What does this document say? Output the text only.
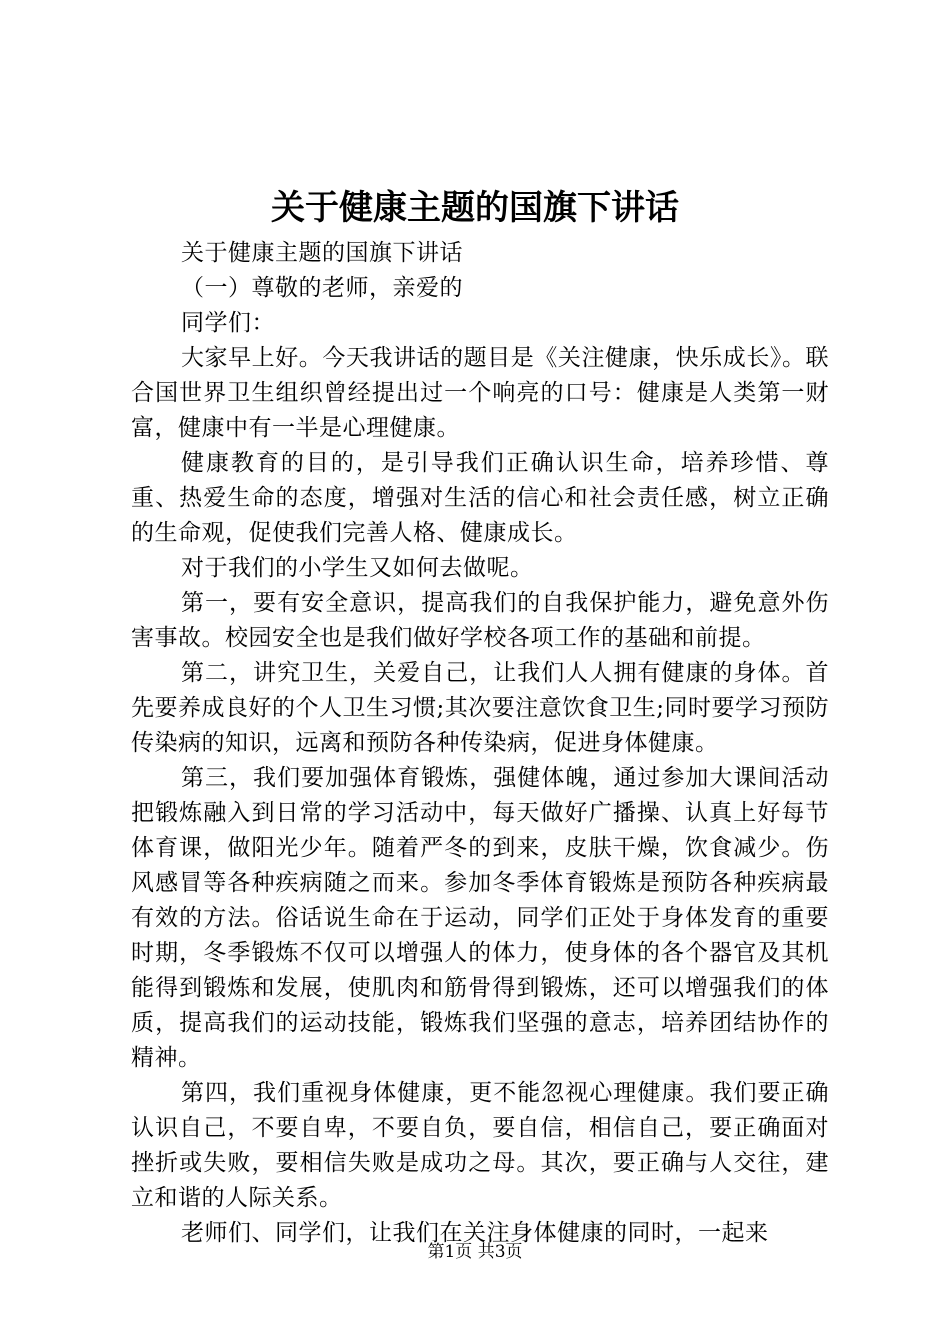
关于健康主题的国旗下讲话

关于健康主题的国旗下讲话

（一）尊敬的老师，亲爱的

同学们：

大家早上好。今天我讲话的题目是《关注健康，快乐成长》。联合国世界卫生组织曾经提出过一个响亮的口号：健康是人类第一财富，健康中有一半是心理健康。

健康教育的目的，是引导我们正确认识生命，培养珍惜、尊重、热爱生命的态度，增强对生活的信心和社会责任感，树立正确的生命观，促使我们完善人格、健康成长。

对于我们的小学生又如何去做呢。

第一，要有安全意识，提高我们的自我保护能力，避免意外伤害事故。校园安全也是我们做好学校各项工作的基础和前提。

第二，讲究卫生，关爱自己，让我们人人拥有健康的身体。首先要养成良好的个人卫生习惯;其次要注意饮食卫生;同时要学习预防传染病的知识，远离和预防各种传染病，促进身体健康。

第三，我们要加强体育锻炼，强健体魄，通过参加大课间活动把锻炼融入到日常的学习活动中，每天做好广播操、认真上好每节体育课，做阳光少年。随着严冬的到来，皮肤干燥，饮食减少。伤风感冒等各种疾病随之而来。参加冬季体育锻炼是预防各种疾病最有效的方法。俗话说生命在于运动，同学们正处于身体发育的重要时期，冬季锻炼不仅可以增强人的体力，使身体的各个器官及其机能得到锻炼和发展，使肌肉和筋骨得到锻炼，还可以增强我们的体质，提高我们的运动技能，锻炼我们坚强的意志，培养团结协作的精神。

第四，我们重视身体健康，更不能忽视心理健康。我们要正确认识自己，不要自卑，不要自负，要自信，相信自己，要正确面对挫折或失败，要相信失败是成功之母。其次，要正确与人交往，建立和谐的人际关系。

老师们、同学们，让我们在关注身体健康的同时，一起来

第1页 共3页
